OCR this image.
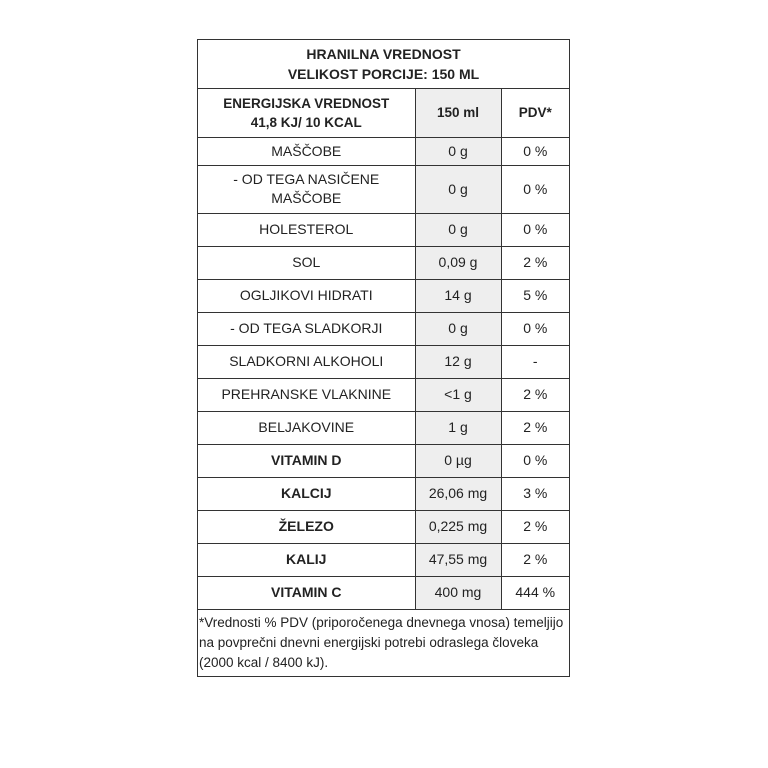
HRANILNA VREDNOST
VELIKOST PORCIJE: 150 ML
ENERGIJSKA VREDNOST
41,8 KJ/ 10 KCAL	150 ml	PDV*
MAŠČOBE	0 g	0 %
- OD TEGA NASIČENE MAŠČOBE	0 g	0 %
HOLESTEROL	0 g	0 %
SOL	0,09 g	2 %
OGLJIKOVI HIDRATI	14 g	5 %
- OD TEGA SLADKORJI	0 g	0 %
SLADKORNI ALKOHOLI	12 g	-
PREHRANSKE VLAKNINE	<1 g	2 %
BELJAKOVINE	1 g	2 %
VITAMIN D	0 µg	0 %
KALCIJ	26,06 mg	3 %
ŽELEZO	0,225 mg	2 %
KALIJ	47,55 mg	2 %
VITAMIN C	400 mg	444 %
*Vrednosti % PDV (priporočenega dnevnega vnosa) temeljijo na povprečni dnevni energijski potrebi odraslega človeka (2000 kcal / 8400 kJ).
